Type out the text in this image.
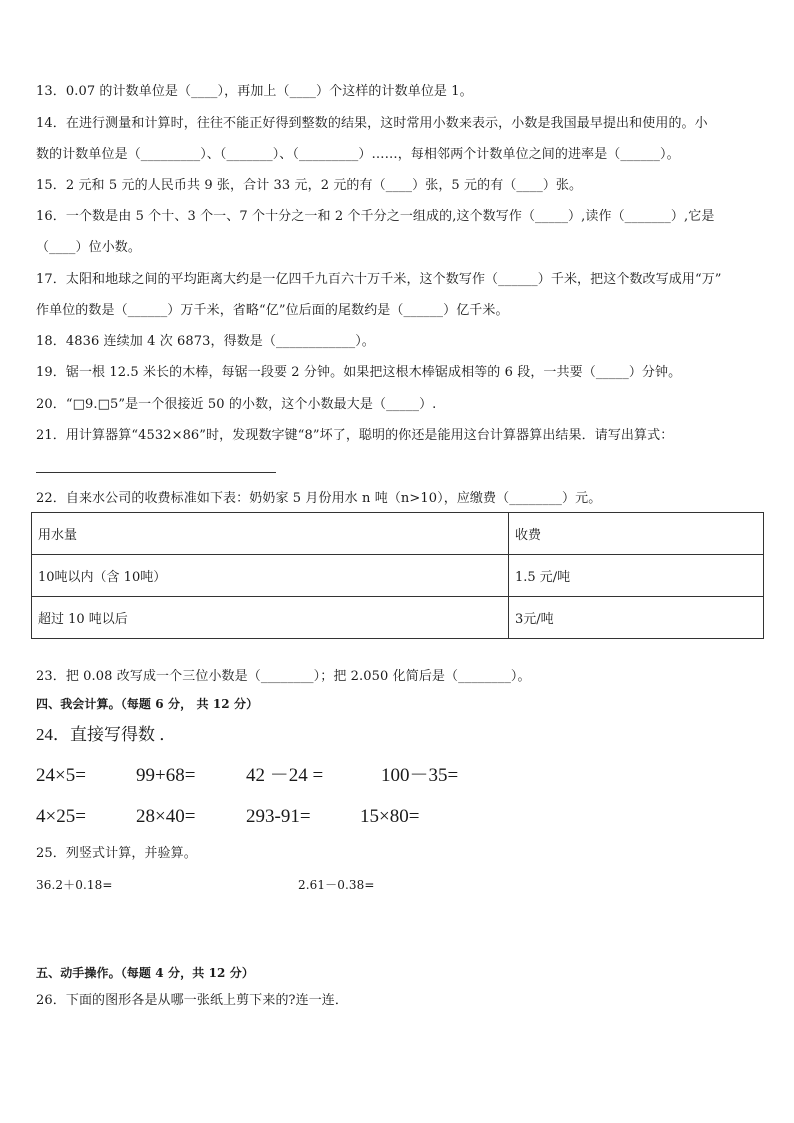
13．0.07 的计数单位是（____），再加上（____）个这样的计数单位是 1。
14．在进行测量和计算时，往往不能正好得到整数的结果，这时常用小数来表示，小数是我国最早提出和使用的。小
数的计数单位是（_________）、（_______）、（_________）……，每相邻两个计数单位之间的进率是（______）。
15．2 元和 5 元的人民币共 9 张，合计 33 元，2 元的有（____）张，5 元的有（____）张。
16．一个数是由 5 个十、3 个一、7 个十分之一和 2 个千分之一组成的,这个数写作（_____）,读作（_______）,它是
（____）位小数。
17．太阳和地球之间的平均距离大约是一亿四千九百六十万千米，这个数写作（______）千米，把这个数改写成用“万”
作单位的数是（______）万千米，省略“亿”位后面的尾数约是（______）亿千米。
18．4836 连续加 4 次 6873，得数是（____________）。
19．锯一根 12.5 米长的木棒，每锯一段要 2 分钟。如果把这根木棒锯成相等的 6 段，一共要（_____）分钟。
20．“□9.□5”是一个很接近 50 的小数，这个小数最大是（_____）.
21．用计算器算“4532×86”时，发现数字键“8”坏了，聪明的你还是能用这台计算器算出结果．请写出算式：
22．自来水公司的收费标准如下表：奶奶家 5 月份用水 n 吨（n>10），应缴费（________）元。
用水量	收费
10吨以内（含 10吨）	1.5 元/吨
超过 10 吨以后	3元/吨
23．把 0.08 改写成一个三位小数是（________）；把 2.050 化简后是（________）。
四、我会计算。（每题 6 分， 共 12 分）
24．直接写得数 ．
24×5=	99+68=	42 －24 =	100－35=
4×25=	28×40=	293-91=	15×80=
25．列竖式计算，并验算。
36.2＋0.18=	2.61－0.38=
五、动手操作。（每题 4 分，共 12 分）
26．下面的图形各是从哪一张纸上剪下来的?连一连．
